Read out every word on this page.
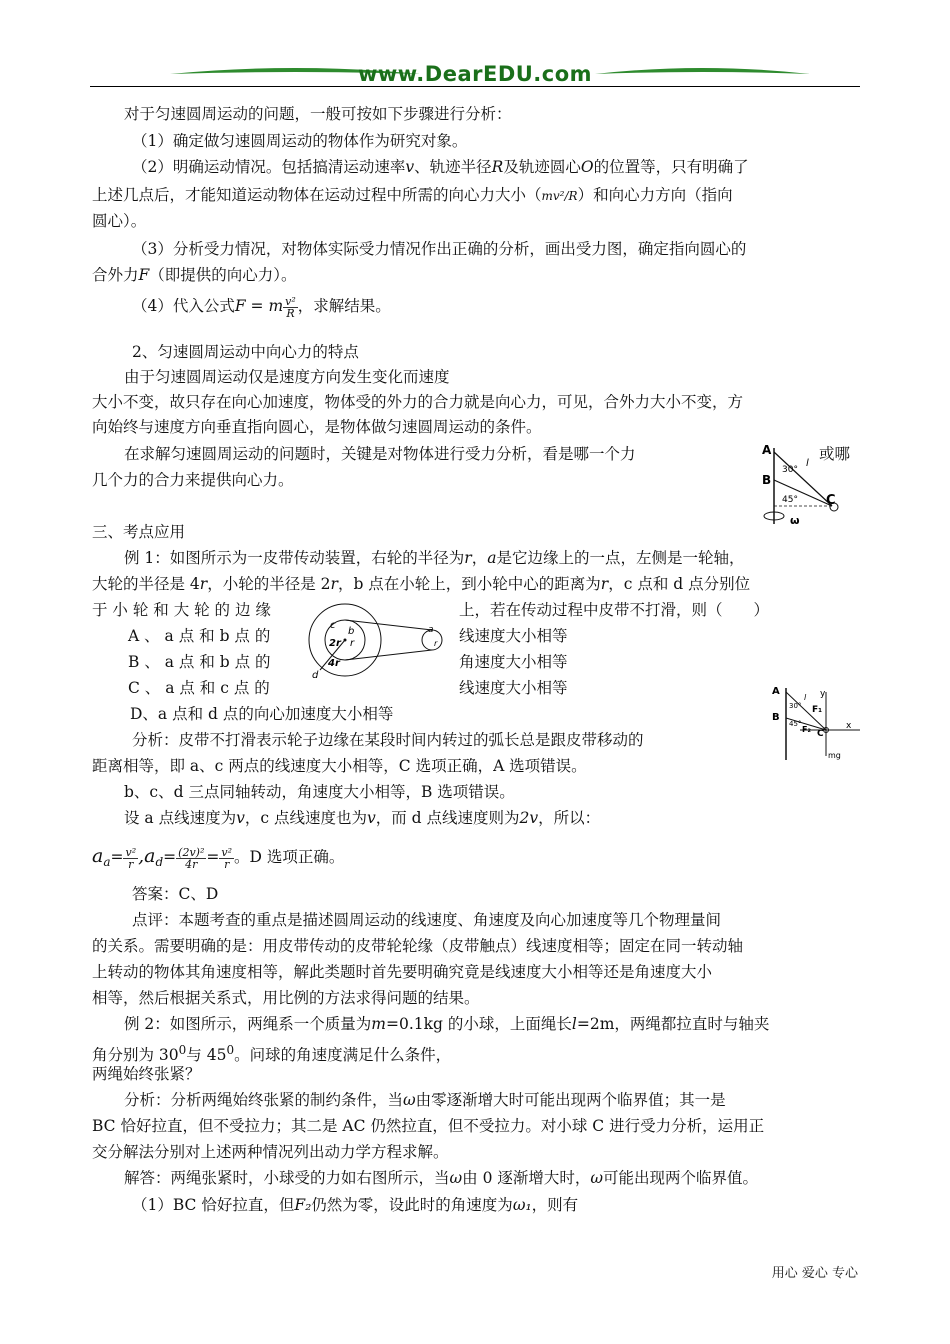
www.DearEDU.com
对于匀速圆周运动的问题，一般可按如下步骤进行分析：
（1）确定做匀速圆周运动的物体作为研究对象。
（2）明确运动情况。包括搞清运动速率v、轨迹半径R及轨迹圆心O的位置等，只有明确了
上述几点后，才能知道运动物体在运动过程中所需的向心力大小（mv²/R）和向心力方向（指向
圆心）。
（3）分析受力情况，对物体实际受力情况作出正确的分析，画出受力图，确定指向圆心的
合外力F（即提供的向心力）。
（4）代入公式F = m $\frac{\text{v²}}{R}$ ，求解结果。
2、匀速圆周运动中向心力的特点
由于匀速圆周运动仅是速度方向发生变化而速度
大小不变，故只存在向心加速度，物体受的外力的合力就是向心力，可见，合外力大小不变，方
向始终与速度方向垂直指向圆心，是物体做匀速圆周运动的条件。
在求解匀速圆周运动的问题时，关键是对物体进行受力分析，看是哪一个力	或哪
几个力的合力来提供向心力。
三、考点应用
例 1：如图所示为一皮带传动装置，右轮的半径为r，a是它边缘上的一点，左侧是一轮轴，
大轮的半径是 4r，小轮的半径是 2r，b 点在小轮上，到小轮中心的距离为r，c 点和 d 点分别位
于 小 轮 和 大 轮 的 边 缘	上，若在传动过程中皮带不打滑，则（　　）
A 、 a 点 和 b 点 的	线速度大小相等
B 、 a 点 和 b 点 的	角速度大小相等
C 、 a 点 和 c 点 的	线速度大小相等
D、a 点和 d 点的向心加速度大小相等
分析：皮带不打滑表示轮子边缘在某段时间内转过的弧长总是跟皮带移动的
距离相等，即 a、c 两点的线速度大小相等，C 选项正确，A 选项错误。
b、c、d 三点同轴转动，角速度大小相等，B 选项错误。
设 a 点线速度为v，c 点线速度也为v，而 d 点线速度则为2v，所以：
$a_a= \frac{\text{v²}}{r} ,a_d= \frac{\text{(2v)²}}{4r} = \frac{\text{v²}}{r}$ 。D 选项正确。
答案：C、D
点评：本题考查的重点是描述圆周运动的线速度、角速度及向心加速度等几个物理量间
的关系。需要明确的是：用皮带传动的皮带轮轮缘（皮带触点）线速度相等；固定在同一转动轴
上转动的物体其角速度相等，解此类题时首先要明确究竟是线速度大小相等还是角速度大小
相等，然后根据关系式，用比例的方法求得问题的结果。
例 2：如图所示，两绳系一个质量为m=0.1kg 的小球，上面绳长l=2m，两绳都拉直时与轴夹
角分别为 $30^0$与 $45^0$。问球的角速度满足什么条件，
两绳始终张紧？
分析：分析两绳始终张紧的制约条件，当ω由零逐渐增大时可能出现两个临界值；其一是
BC 恰好拉直，但不受拉力；其二是 AC 仍然拉直，但不受拉力。对小球 C 进行受力分析，运用正
交分解法分别对上述两种情况列出动力学方程求解。
解答：两绳张紧时，小球受的力如右图所示，当ω由 0 逐渐增大时，ω可能出现两个临界值。
（1）BC 恰好拉直，但F₂仍然为零，设此时的角速度为ω₁，则有
A
B
C
30°
45°
l
ω
c
b
2r r
4r
d
a
r
A
B
C
y
x
l
F₁
F₂
30°
45°
mg
用心 爱心 专心
